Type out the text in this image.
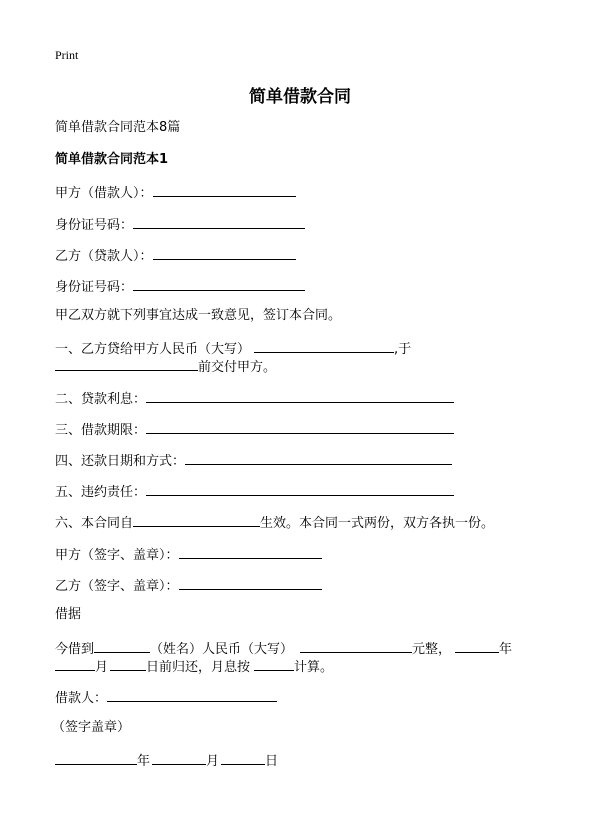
Print
简单借款合同
简单借款合同范本8篇
简单借款合同范本1
甲方（借款人）：
身份证号码：
乙方（贷款人）：
身份证号码：
甲乙双方就下列事宜达成一致意见，签订本合同。
一、乙方贷给甲方人民币（大写）	,于
前交付甲方。
二、贷款利息：
三、借款期限：
四、还款日期和方式：
五、违约责任：
六、本合同自	生效。本合同一式两份，双方各执一份。
甲方（签字、盖章）：
乙方（签字、盖章）：
借据
今借到	（姓名）人民币（大写）	元整，	年
月	日前归还，月息按	计算。
借款人：
（签字盖章）
年	月	日
